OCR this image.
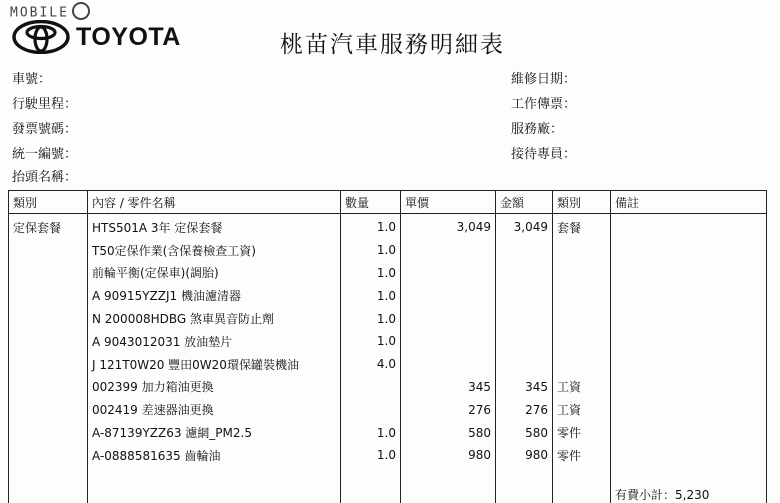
MOBILE
TOYOTA	桃苗汽車服務明細表
車號：
行駛里程：
發票號碼：
統一編號：
抬頭名稱：
維修日期：
工作傳票：
服務廠：
接待專員：
類別	內容 / 零件名稱	數量	單價	金額	類別	備註
定保套餐	HTS501A 3年 定保套餐	1.0	3,049	3,049	套餐	
	T50定保作業(含保養檢查工資)	1.0				
	前輪平衡(定保車)(調胎)	1.0				
	A 90915YZZJ1 機油濾清器	1.0				
	N 200008HDBG 煞車異音防止劑	1.0				
	A 9043012031 放油墊片	1.0				
	J 121T0W20 豐田0W20環保罐裝機油	4.0				
	002399 加力箱油更換		345	345	工資	
	002419 差速器油更換		276	276	工資	
	A-87139YZZ63 濾網_PM2.5	1.0	580	580	零件	
	A-0888581635 齒輪油	1.0	980	980	零件	
						有費小計：5,230
